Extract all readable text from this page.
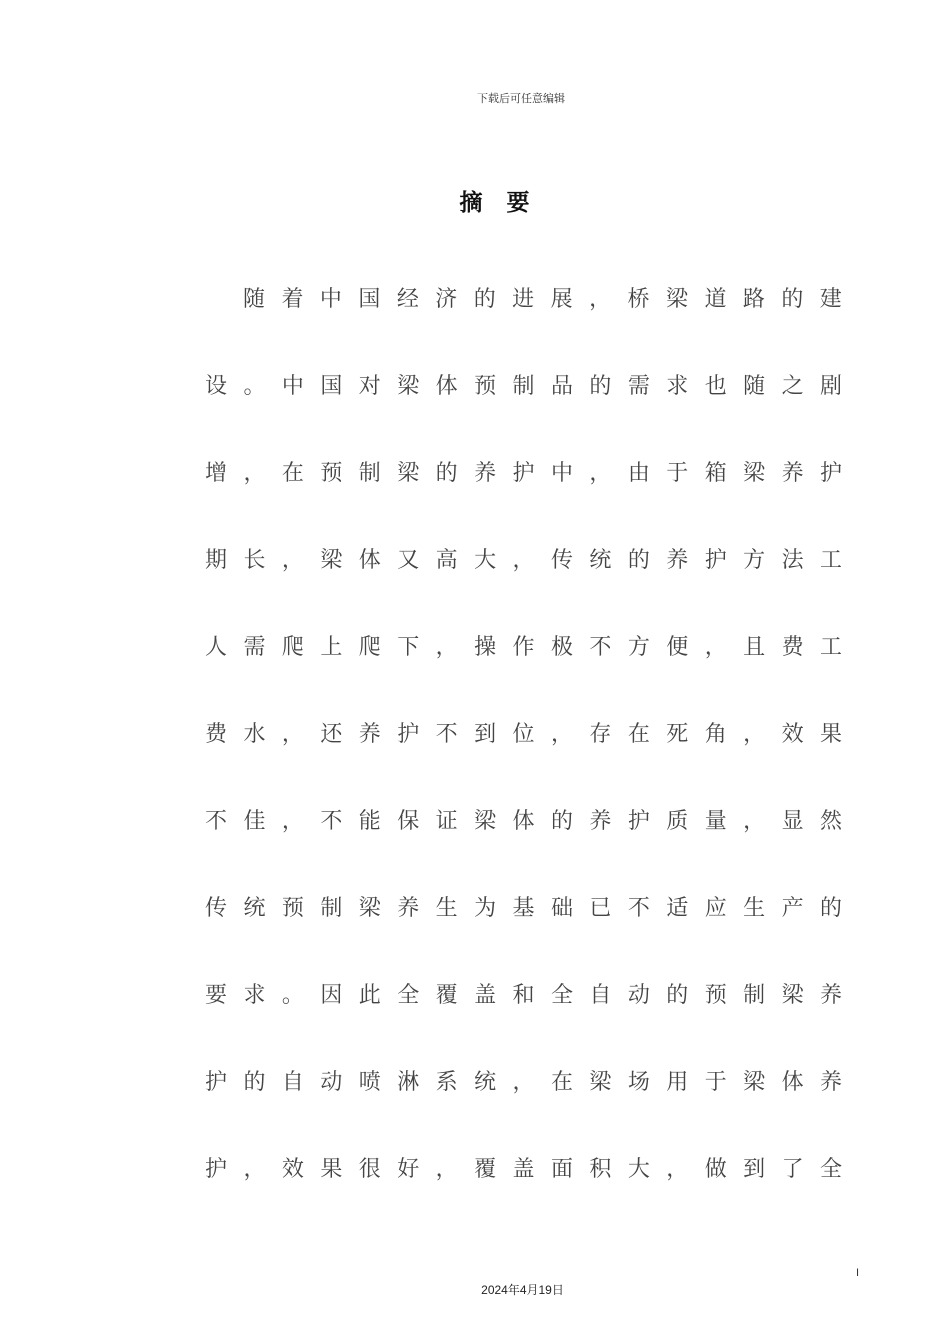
下载后可任意编辑
摘要
随 着 中 国 经 济 的 进 展 ， 桥 梁 道 路 的 建
设 。 中 国 对 梁 体 预 制 品 的 需 求 也 随 之 剧
增 ， 在 预 制 梁 的 养 护 中 ， 由 于 箱 梁 养 护
期 长 ， 梁 体 又 高 大 ， 传 统 的 养 护 方 法 工
人 需 爬 上 爬 下 ， 操 作 极 不 方 便 ， 且 费 工
费 水 ， 还 养 护 不 到 位 ， 存 在 死 角 ， 效 果
不 佳 ， 不 能 保 证 梁 体 的 养 护 质 量 ， 显 然
传 统 预 制 梁 养 生 为 基 础 已 不 适 应 生 产 的
要 求 。 因 此 全 覆 盖 和 全 自 动 的 预 制 梁 养
护 的 自 动 喷 淋 系 统 ， 在 梁 场 用 于 梁 体 养
护 ， 效 果 很 好 ， 覆 盖 面 积 大 ， 做 到 了 全
I
2024年4月19日
